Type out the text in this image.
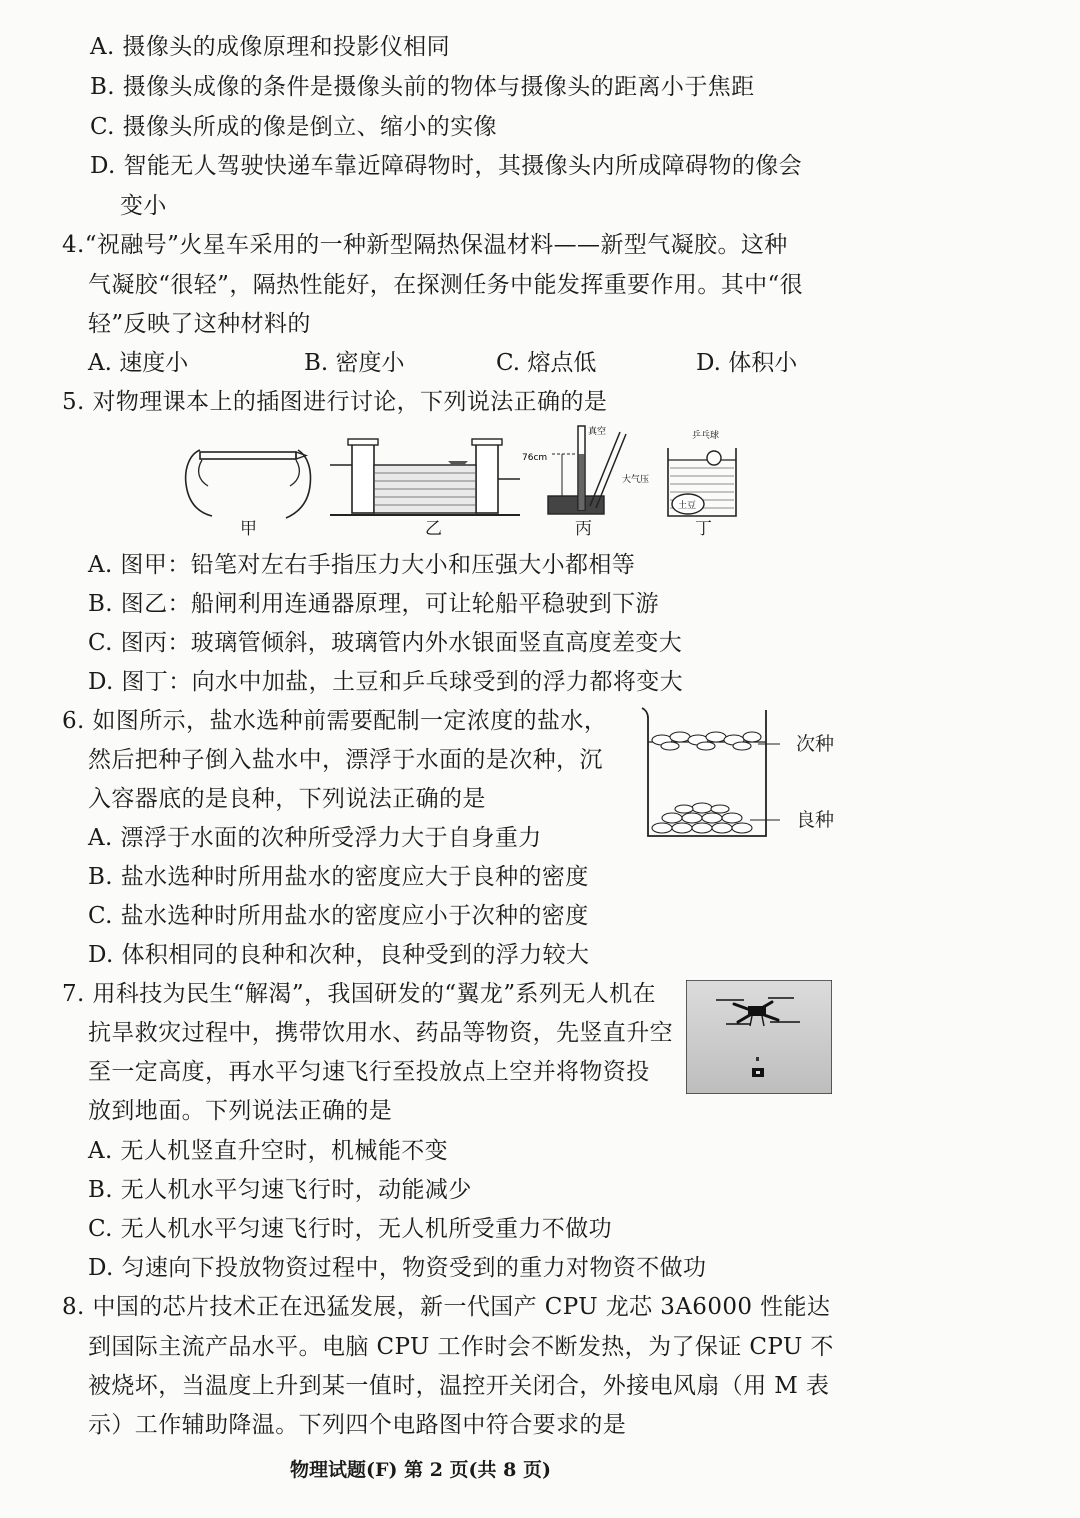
A. 摄像头的成像原理和投影仪相同
B. 摄像头成像的条件是摄像头前的物体与摄像头的距离小于焦距
C. 摄像头所成的像是倒立、缩小的实像
D. 智能无人驾驶快递车靠近障碍物时，其摄像头内所成障碍物的像会
变小
4.“祝融号”火星车采用的一种新型隔热保温材料——新型气凝胶。这种
气凝胶“很轻”，隔热性能好，在探测任务中能发挥重要作用。其中“很
轻”反映了这种材料的
A. 速度小	B. 密度小	C. 熔点低	D. 体积小
5. 对物理课本上的插图进行讨论，下列说法正确的是
甲	乙
76cm
真空
大气压
丙
乒乓球
土豆
丁
A. 图甲：铅笔对左右手指压力大小和压强大小都相等
B. 图乙：船闸利用连通器原理，可让轮船平稳驶到下游
C. 图丙：玻璃管倾斜，玻璃管内外水银面竖直高度差变大
D. 图丁：向水中加盐，土豆和乒乓球受到的浮力都将变大
6. 如图所示，盐水选种前需要配制一定浓度的盐水，
然后把种子倒入盐水中，漂浮于水面的是次种，沉
入容器底的是良种，下列说法正确的是
A. 漂浮于水面的次种所受浮力大于自身重力
B. 盐水选种时所用盐水的密度应大于良种的密度
C. 盐水选种时所用盐水的密度应小于次种的密度
D. 体积相同的良种和次种，良种受到的浮力较大
次种
良种
7. 用科技为民生“解渴”，我国研发的“翼龙”系列无人机在
抗旱救灾过程中，携带饮用水、药品等物资，先竖直升空
至一定高度，再水平匀速飞行至投放点上空并将物资投
放到地面。下列说法正确的是
A. 无人机竖直升空时，机械能不变
B. 无人机水平匀速飞行时，动能减少
C. 无人机水平匀速飞行时，无人机所受重力不做功
D. 匀速向下投放物资过程中，物资受到的重力对物资不做功
8. 中国的芯片技术正在迅猛发展，新一代国产 CPU 龙芯 3A6000 性能达
到国际主流产品水平。电脑 CPU 工作时会不断发热，为了保证 CPU 不
被烧坏，当温度上升到某一值时，温控开关闭合，外接电风扇（用 M 表
示）工作辅助降温。下列四个电路图中符合要求的是
物理试题(F) 第 2 页(共 8 页)
